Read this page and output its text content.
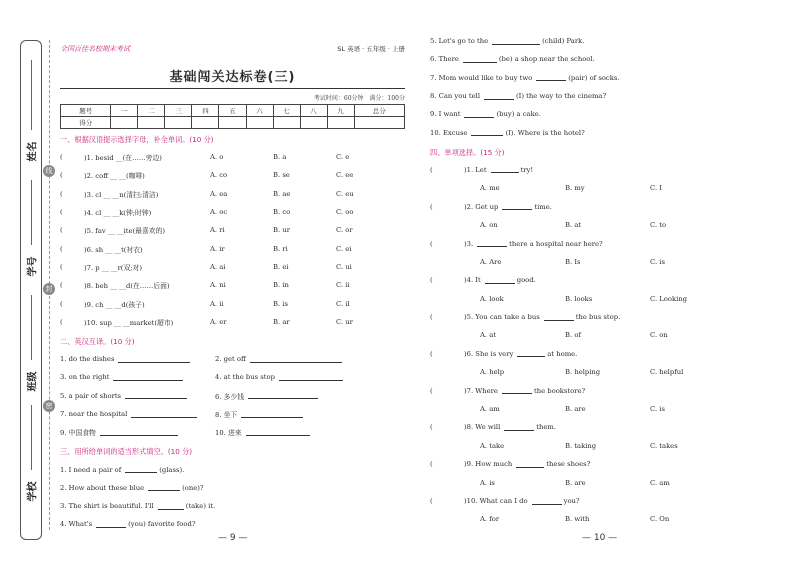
姓名
学号
班级
学校
线
封
密
全国百佳名校期末考试	SL 英语 · 五年级 · 上册
基础闯关达标卷(三)
考试时间：60分钟　满分：100分
题号	一	二	三	四	五	六	七	八	九	总分
得分										
一、根据汉语提示选择字母，补全单词。(10 分)
(	)1. besid __(在……旁边)	A. o	B. a	C. e
(	)2. coff __ __(咖啡)	A. co	B. se	C. ee
(	)3. cl __ __n(清扫;清洁)	A. ea	B. ae	C. eu
(	)4. cl __ __k(钟;时钟)	A. oc	B. co	C. oo
(	)5. fav __ __ite(最喜欢的)	A. ri	B. ur	C. or
(	)6. sh __ __t(衬衣)	A. ir	B. ri	C. ei
(	)7. p __ __r(双;对)	A. ai	B. ei	C. ui
(	)8. beh __ __d(在……后面)	A. ni	B. in	C. ii
(	)9. ch __ __d(孩子)	A. ii	B. is	C. il
(	)10. sup __ __market(超市)	A. er	B. ar	C. ur
二、英汉互译。(10 分)
1. do the dishes	2. get off
3. on the right	4. at the bus stop
5. a pair of shorts	6. 多少钱
7. near the hospital	8. 坐下
9. 中国食物	10. 进来
三、用所给单词的适当形式填空。(10 分)
1. I need a pair of	(glass).
2. How about these blue	(one)?
3. The shirt is beautiful. I'll	(take) it.
4. What's	(you) favorite food?
5. Let's go to the	(child) Park.
6. There	(be) a shop near the school.
7. Mom would like to buy two	(pair) of socks.
8. Can you tell	(I) the way to the cinema?
9. I want	(buy) a cake.
10. Excuse	(I). Where is the hotel?
四、单项选择。(15 分)
(	)1. Let	try!
A. me	B. my	C. I
(	)2. Get up	time.
A. on	B. at	C. to
(	)3.	there a hospital near here?
A. Are	B. Is	C. is
(	)4. It	good.
A. look	B. looks	C. Looking
(	)5. You can take a bus	the bus stop.
A. at	B. of	C. on
(	)6. She is very	at home.
A. help	B. helping	C. helpful
(	)7. Where	the bookstore?
A. am	B. are	C. is
(	)8. We will	them.
A. take	B. taking	C. takes
(	)9. How much	these shoes?
A. is	B. are	C. am
(	)10. What can I do	you?
A. for	B. with	C. On
— 9 —	— 10 —
